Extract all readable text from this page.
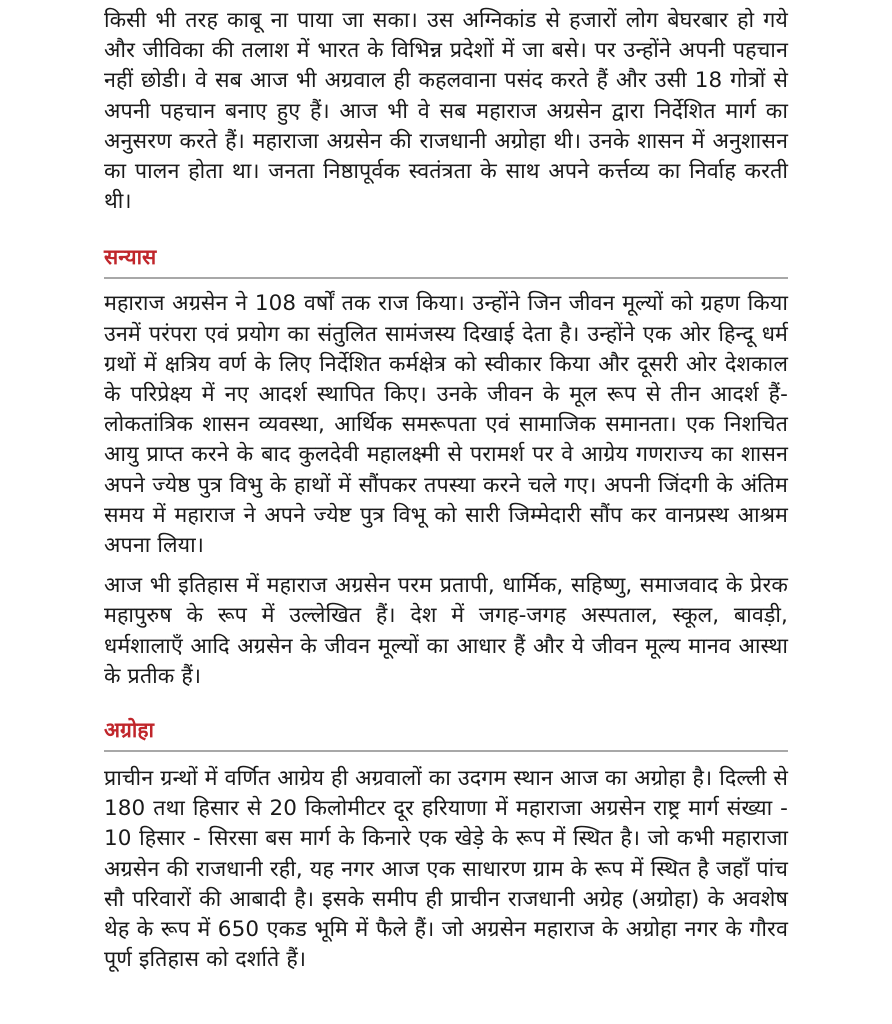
किसी भी तरह काबू ना पाया जा सका। उस अग्निकांड से हजारों लोग बेघरबार हो गये और जीविका की तलाश में भारत के विभिन्न प्रदेशों में जा बसे। पर उन्होंने अपनी पहचान नहीं छोडी। वे सब आज भी अग्रवाल ही कहलवाना पसंद करते हैं और उसी 18 गोत्रों से अपनी पहचान बनाए हुए हैं। आज भी वे सब महाराज अग्रसेन द्वारा निर्देशित मार्ग का अनुसरण करते हैं। महाराजा अग्रसेन की राजधानी अग्रोहा थी। उनके शासन में अनुशासन का पालन होता था। जनता निष्ठापूर्वक स्वतंत्रता के साथ अपने कर्त्तव्य का निर्वाह करती थी।

सन्यास

महाराज अग्रसेन ने 108 वर्षों तक राज किया। उन्होंने जिन जीवन मूल्यों को ग्रहण किया उनमें परंपरा एवं प्रयोग का संतुलित सामंजस्य दिखाई देता है। उन्होंने एक ओर हिन्दू धर्म ग्रथों में क्षत्रिय वर्ण के लिए निर्देशित कर्मक्षेत्र को स्वीकार किया और दूसरी ओर देशकाल के परिप्रेक्ष्य में नए आदर्श स्थापित किए। उनके जीवन के मूल रूप से तीन आदर्श हैं- लोकतांत्रिक शासन व्यवस्था, आर्थिक समरूपता एवं सामाजिक समानता। एक निशचित आयु प्राप्त करने के बाद कुलदेवी महालक्ष्मी से परामर्श पर वे आग्रेय गणराज्य का शासन अपने ज्येष्ठ पुत्र विभु के हाथों में सौंपकर तपस्या करने चले गए। अपनी जिंदगी के अंतिम समय में महाराज ने अपने ज्येष्ट पुत्र विभू को सारी जिम्मेदारी सौंप कर वानप्रस्थ आश्रम अपना लिया।

आज भी इतिहास में महाराज अग्रसेन परम प्रतापी, धार्मिक, सहिष्णु, समाजवाद के प्रेरक महापुरुष के रूप में उल्लेखित हैं। देश में जगह-जगह अस्पताल, स्कूल, बावड़ी, धर्मशालाएँ आदि अग्रसेन के जीवन मूल्यों का आधार हैं और ये जीवन मूल्य मानव आस्था के प्रतीक हैं।

अग्रोहा

प्राचीन ग्रन्थों में वर्णित आग्रेय ही अग्रवालों का उदगम स्थान आज का अग्रोहा है। दिल्ली से 180 तथा हिसार से 20 किलोमीटर दूर हरियाणा में महाराजा अग्रसेन राष्ट्र मार्ग संख्या - 10 हिसार - सिरसा बस मार्ग के किनारे एक खेड़े के रूप में स्थित है। जो कभी महाराजा अग्रसेन की राजधानी रही, यह नगर आज एक साधारण ग्राम के रूप में स्थित है जहाँ पांच सौ परिवारों की आबादी है। इसके समीप ही प्राचीन राजधानी अग्रेह (अग्रोहा) के अवशेष थेह के रूप में 650 एकड भूमि में फैले हैं। जो अग्रसेन महाराज के अग्रोहा नगर के गौरव पूर्ण इतिहास को दर्शाते हैं।
